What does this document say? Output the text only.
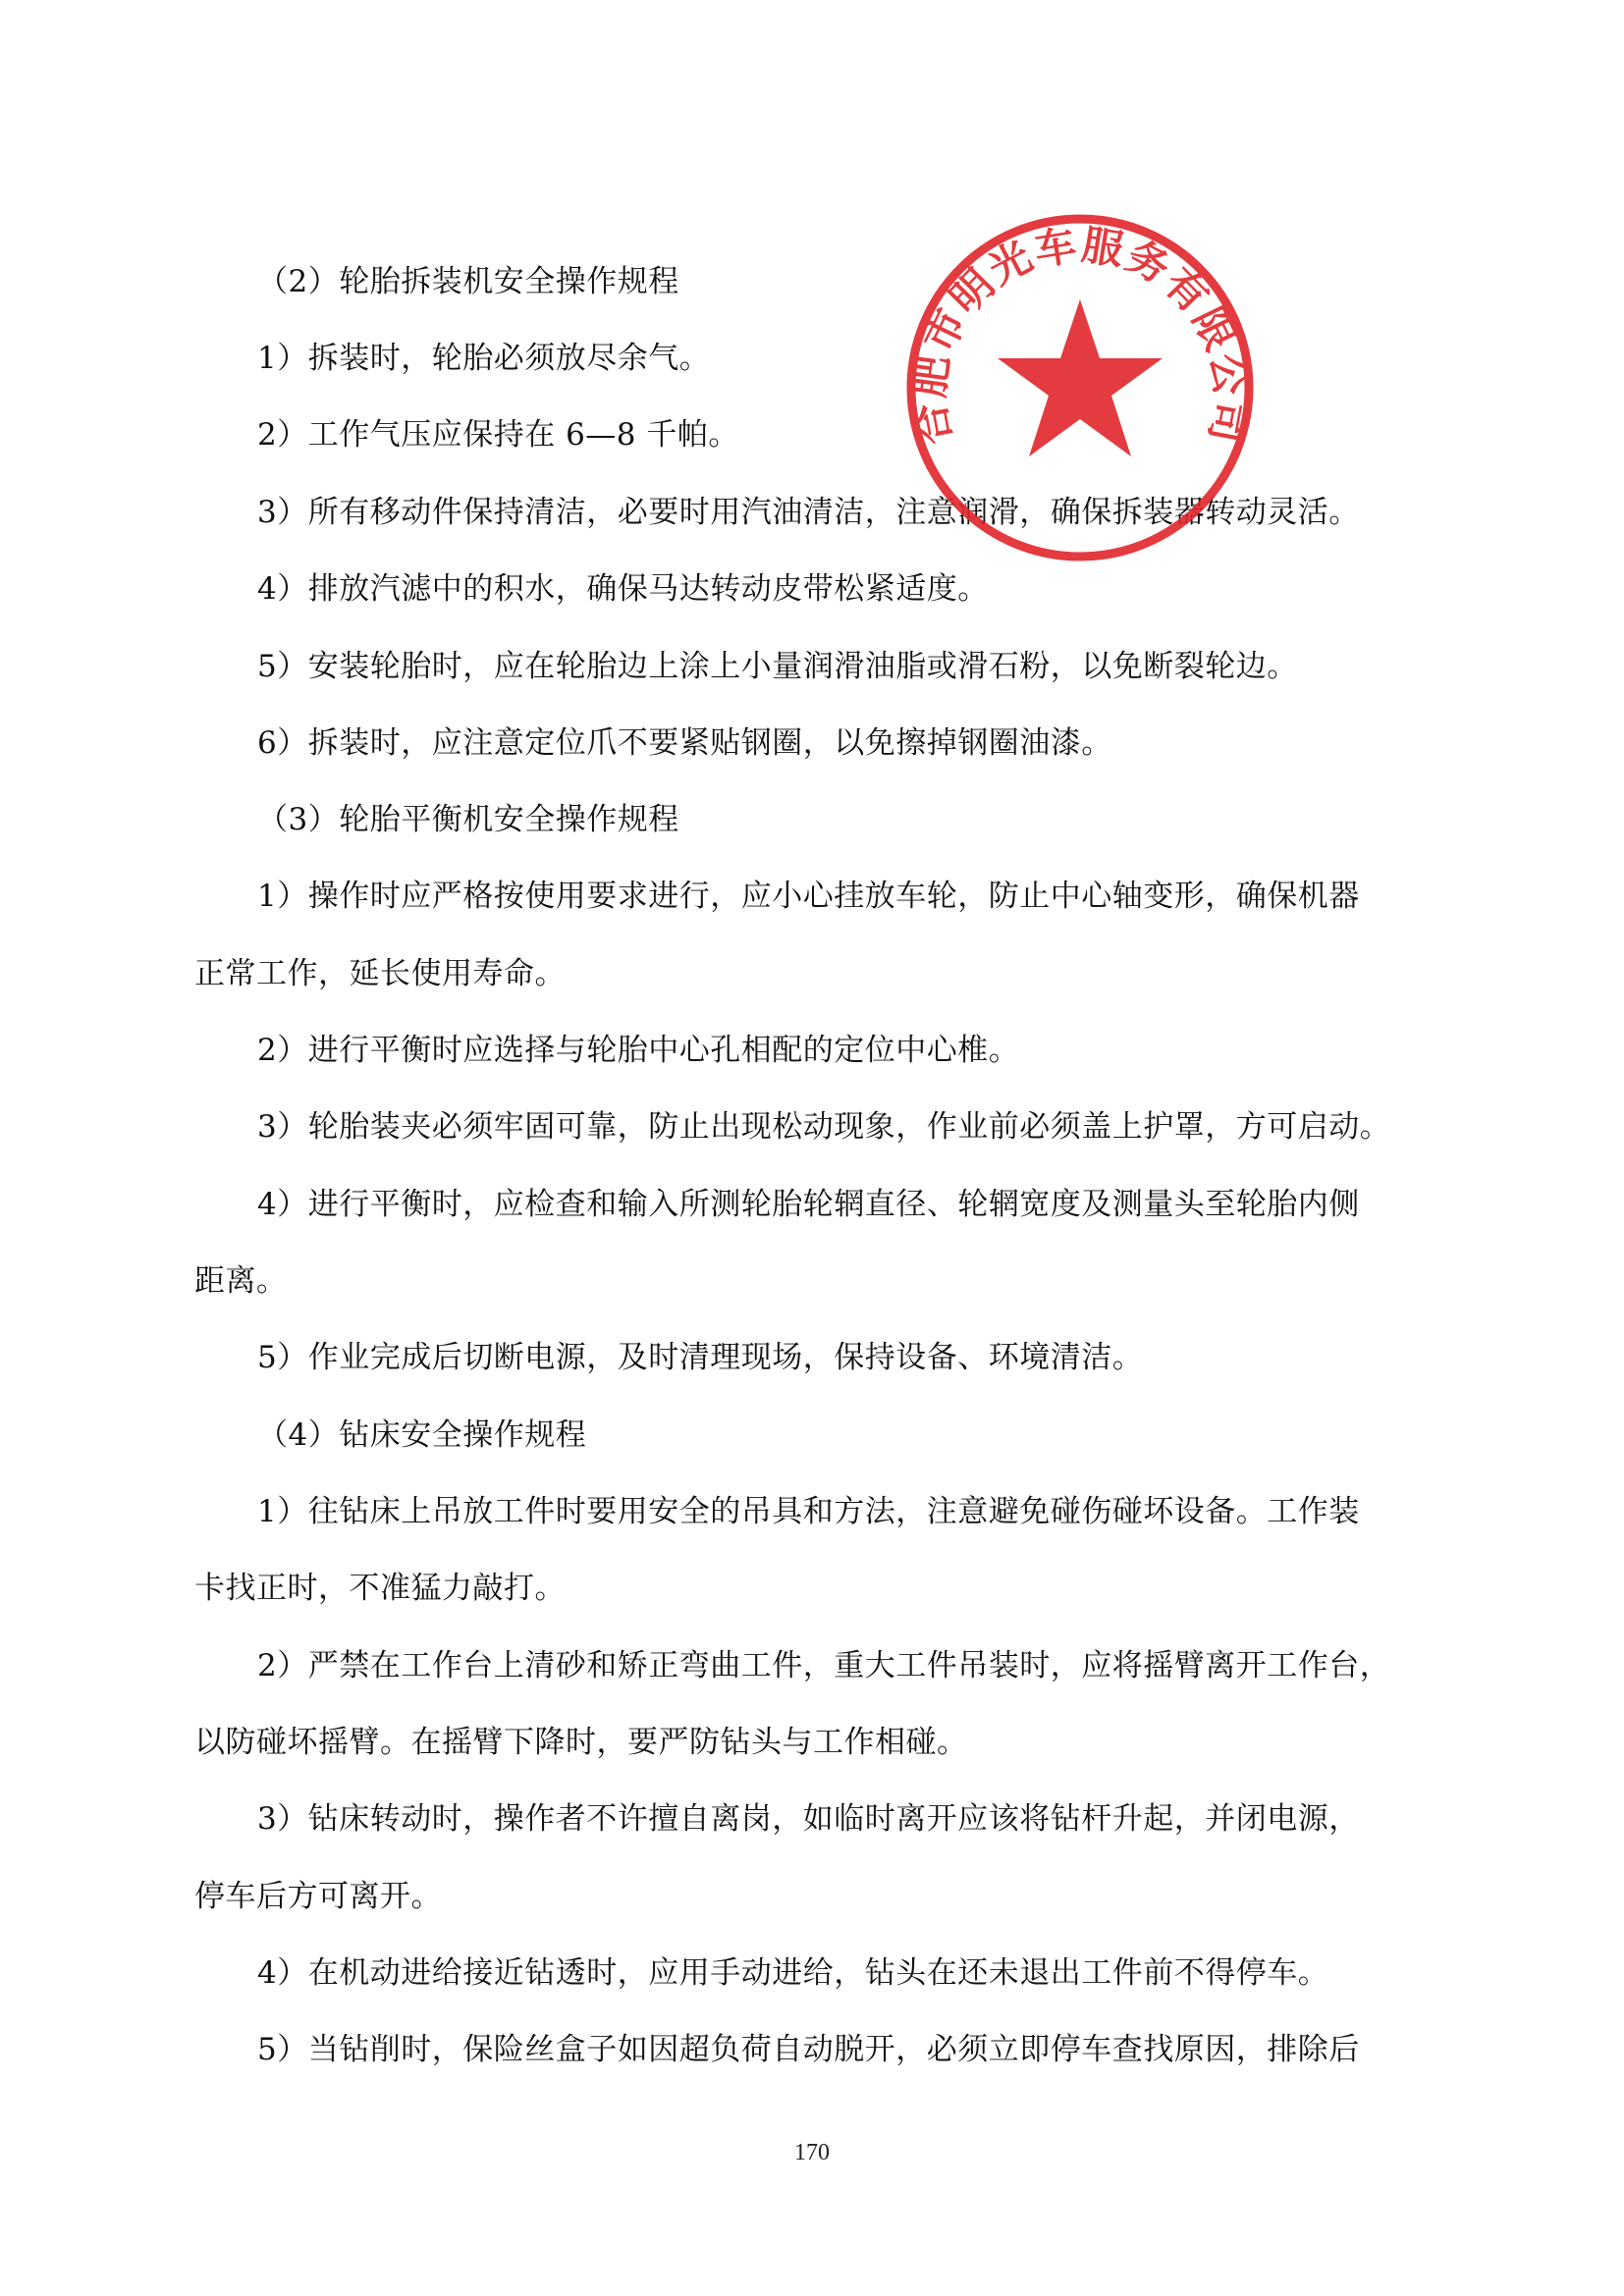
（2）轮胎拆装机安全操作规程
1）拆装时，轮胎必须放尽余气。
2）工作气压应保持在 6—8 千帕。
3）所有移动件保持清洁，必要时用汽油清洁，注意润滑，确保拆装器转动灵活。
4）排放汽滤中的积水，确保马达转动皮带松紧适度。
5）安装轮胎时，应在轮胎边上涂上小量润滑油脂或滑石粉，以免断裂轮边。
6）拆装时，应注意定位爪不要紧贴钢圈，以免擦掉钢圈油漆。
（3）轮胎平衡机安全操作规程
1）操作时应严格按使用要求进行，应小心挂放车轮，防止中心轴变形，确保机器
正常工作，延长使用寿命。
2）进行平衡时应选择与轮胎中心孔相配的定位中心椎。
3）轮胎装夹必须牢固可靠，防止出现松动现象，作业前必须盖上护罩，方可启动。
4）进行平衡时，应检查和输入所测轮胎轮辋直径、轮辋宽度及测量头至轮胎内侧
距离。
5）作业完成后切断电源，及时清理现场，保持设备、环境清洁。
（4）钻床安全操作规程
1）往钻床上吊放工件时要用安全的吊具和方法，注意避免碰伤碰坏设备。工作装
卡找正时，不准猛力敲打。
2）严禁在工作台上清砂和矫正弯曲工件，重大工件吊装时，应将摇臂离开工作台，
以防碰坏摇臂。在摇臂下降时，要严防钻头与工作相碰。
3）钻床转动时，操作者不许擅自离岗，如临时离开应该将钻杆升起，并闭电源，
停车后方可离开。
4）在机动进给接近钻透时，应用手动进给，钻头在还未退出工件前不得停车。
5）当钻削时，保险丝盒子如因超负荷自动脱开，必须立即停车查找原因，排除后
170
合肥市明光车服务有限公司
